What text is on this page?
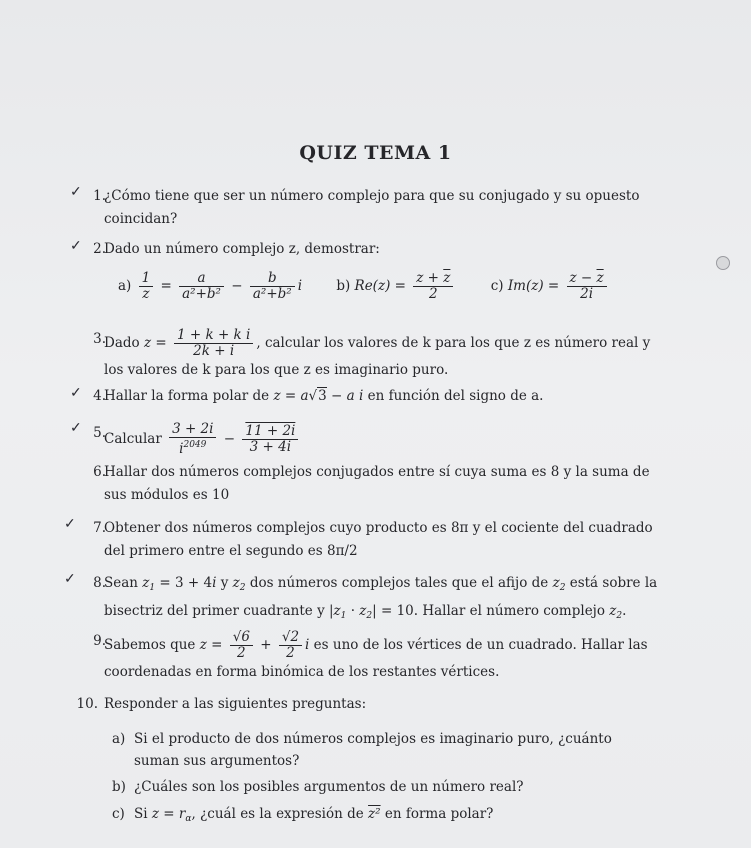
QUIZ TEMA 1
✓ 1.
¿Cómo tiene que ser un número complejo para que su conjugado y su opuesto coincidan?
✓ 2.
Dado un número complejo z, demostrar:
$a) \frac{1}{z} = \frac{a}{\text{a²+b²}} - \frac{b}{\text{a²+b²}}$ i	b) $Re(z) = \frac{z + \overline{z}}{2}$	c) $Im(z) = \frac{z - \overline{z}}{2i}$
3.
Dado $z = \frac{\text{1 + k + k i}}{2k + i}$ , calcular los valores de k para los que z es número real y los valores de k para los que z es imaginario puro.
✓ 4.
Hallar la forma polar de z = a√3 − a i en función del signo de a.
✓ 5.
Calcular $\frac{3 + 2i}{i^{2049}} - \frac{11 + 2i}{3 + 4i}$
6.
Hallar dos números complejos conjugados entre sí cuya suma es 8 y la suma de sus módulos es 10
✓	7.
Obtener dos números complejos cuyo producto es 8π y el cociente del cuadrado del primero entre el segundo es 8π/2
✓	8.
Sean $z_1 = 3 + 4i$ y $z_2$ dos números complejos tales que el afijo de $z_2$ está sobre la bisectriz del primer cuadrante y $|z_1 \cdot z_2| = 10$. Hallar el número complejo $z_2$.
9.
Sabemos que $z = \frac{√6}{2} + \frac{√2}{2}$ i es uno de los vértices de un cuadrado. Hallar las coordenadas en forma binómica de los restantes vértices.
10. Responder a las siguientes preguntas:
a) Si el producto de dos números complejos es imaginario puro, ¿cuánto suman sus argumentos?
b) ¿Cuáles son los posibles argumentos de un número real?
c) Si $z = r_\alpha$, ¿cuál es la expresión de z² en forma polar?
